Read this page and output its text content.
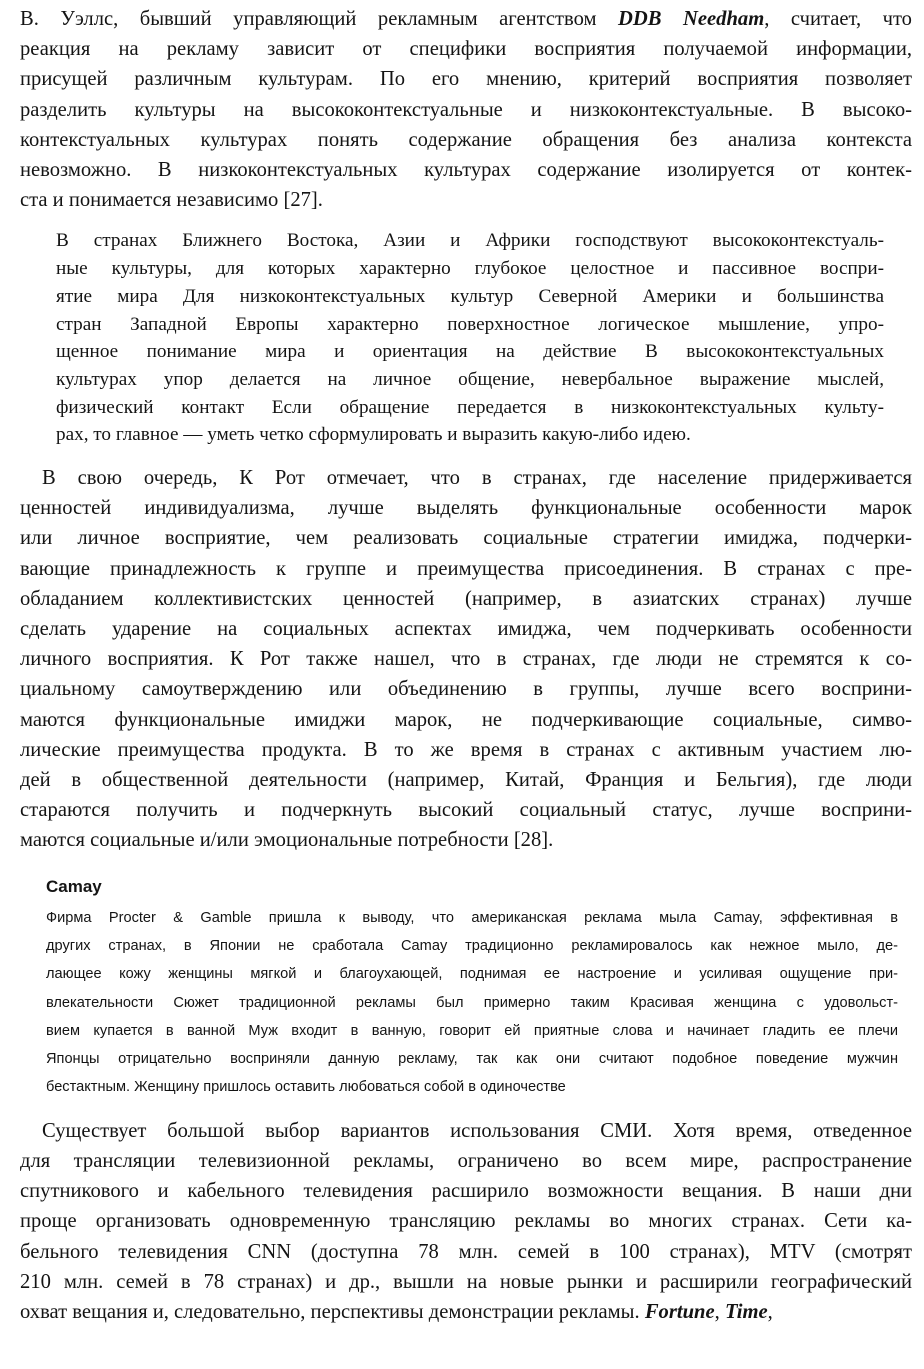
В. Уэллс, бывший управляющий рекламным агентством DDB Needham, считает, что
реакция на рекламу зависит от специфики восприятия получаемой информации,
присущей различным культурам. По его мнению, критерий восприятия позволяет
разделить культуры на высококонтекстуальные и низкоконтекстуальные. В высоко-
контекстуальных культурах понять содержание обращения без анализа контекста
невозможно. В низкоконтекстуальных культурах содержание изолируется от контек-
ста и понимается независимо [27].
В странах Ближнего Востока, Азии и Африки господствуют высококонтекстуаль-
ные культуры, для которых характерно глубокое целостное и пассивное воспри-
ятие мира Для низкоконтекстуальных культур Северной Америки и большинства
стран Западной Европы характерно поверхностное логическое мышление, упро-
щенное понимание мира и ориентация на действие В высококонтекстуальных
культурах упор делается на личное общение, невербальное выражение мыслей,
физический контакт Если обращение передается в низкоконтекстуальных культу-
рах, то главное — уметь четко сформулировать и выразить какую-либо идею.
В свою очередь, К Рот отмечает, что в странах, где население придерживается
ценностей индивидуализма, лучше выделять функциональные особенности марок
или личное восприятие, чем реализовать социальные стратегии имиджа, подчерки-
вающие принадлежность к группе и преимущества присоединения. В странах с пре-
обладанием коллективистских ценностей (например, в азиатских странах) лучше
сделать ударение на социальных аспектах имиджа, чем подчеркивать особенности
личного восприятия. К Рот также нашел, что в странах, где люди не стремятся к со-
циальному самоутверждению или объединению в группы, лучше всего восприни-
маются функциональные имиджи марок, не подчеркивающие социальные, симво-
лические преимущества продукта. В то же время в странах с активным участием лю-
дей в общественной деятельности (например, Китай, Франция и Бельгия), где люди
стараются получить и подчеркнуть высокий социальный статус, лучше восприни-
маются социальные и/или эмоциональные потребности [28].
Camay
Фирма Procter & Gamble пришла к выводу, что американская реклама мыла Camay, эффективная в
других странах, в Японии не сработала Camay традиционно рекламировалось как нежное мыло, де-
лающее кожу женщины мягкой и благоухающей, поднимая ее настроение и усиливая ощущение при-
влекательности Сюжет традиционной рекламы был примерно таким Красивая женщина с удовольст-
вием купается в ванной Муж входит в ванную, говорит ей приятные слова и начинает гладить ее плечи
Японцы отрицательно восприняли данную рекламу, так как они считают подобное поведение мужчин
бестактным. Женщину пришлось оставить любоваться собой в одиночестве
Существует большой выбор вариантов использования СМИ. Хотя время, отведенное
для трансляции телевизионной рекламы, ограничено во всем мире, распространение
спутникового и кабельного телевидения расширило возможности вещания. В наши дни
проще организовать одновременную трансляцию рекламы во многих странах. Сети ка-
бельного телевидения CNN (доступна 78 млн. семей в 100 странах), MTV (смотрят
210 млн. семей в 78 странах) и др., вышли на новые рынки и расширили географический
охват вещания и, следовательно, перспективы демонстрации рекламы. Fortune, Time,
